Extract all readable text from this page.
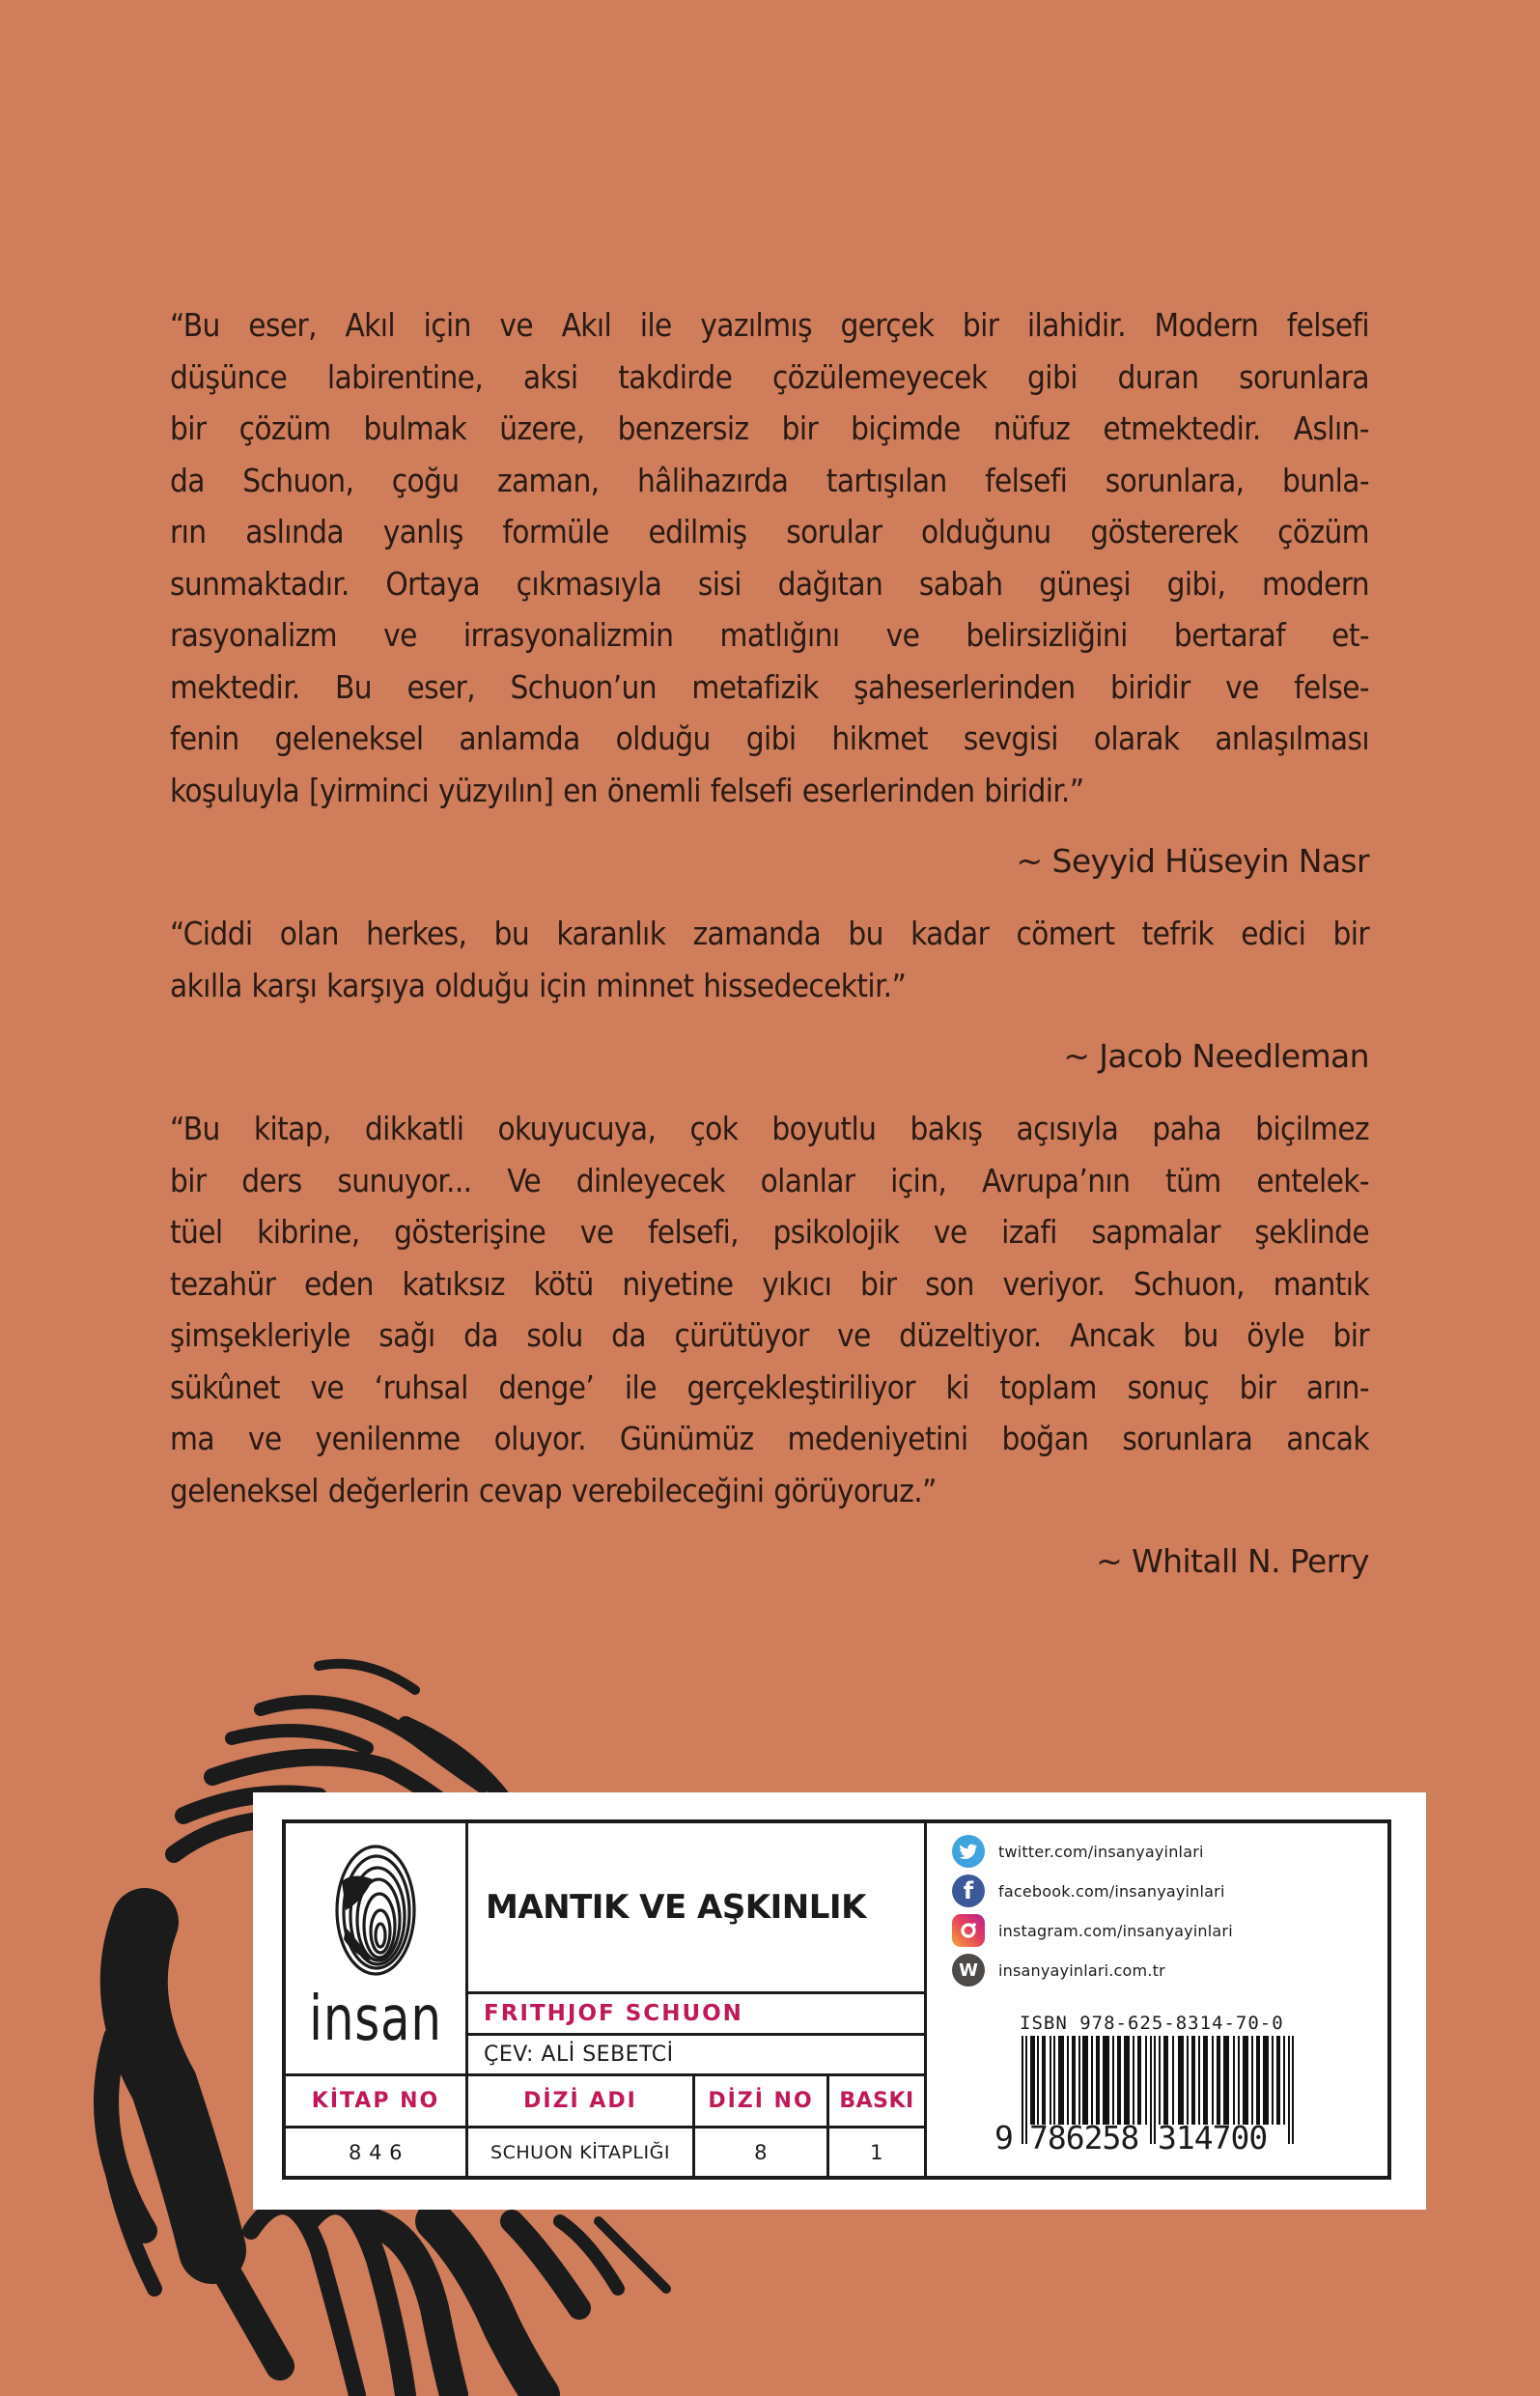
“Bu eser, Akıl için ve Akıl ile yazılmış gerçek bir ilahidir. Modern felsefi
düşünce labirentine, aksi takdirde çözülemeyecek gibi duran sorunlara
bir çözüm bulmak üzere, benzersiz bir biçimde nüfuz etmektedir. Aslın-
da Schuon, çoğu zaman, hâlihazırda tartışılan felsefi sorunlara, bunla-
rın aslında yanlış formüle edilmiş sorular olduğunu göstererek çözüm
sunmaktadır. Ortaya çıkmasıyla sisi dağıtan sabah güneşi gibi, modern
rasyonalizm ve irrasyonalizmin matlığını ve belirsizliğini bertaraf et-
mektedir. Bu eser, Schuon’un metafizik şaheserlerinden biridir ve felse-
fenin geleneksel anlamda olduğu gibi hikmet sevgisi olarak anlaşılması
koşuluyla [yirminci yüzyılın] en önemli felsefi eserlerinden biridir.”

~ Seyyid Hüseyin Nasr

“Ciddi olan herkes, bu karanlık zamanda bu kadar cömert tefrik edici bir
akılla karşı karşıya olduğu için minnet hissedecektir.”

~ Jacob Needleman

“Bu kitap, dikkatli okuyucuya, çok boyutlu bakış açısıyla paha biçilmez
bir ders sunuyor... Ve dinleyecek olanlar için, Avrupa’nın tüm entelek-
tüel kibrine, gösterişine ve felsefi, psikolojik ve izafi sapmalar şeklinde
tezahür eden katıksız kötü niyetine yıkıcı bir son veriyor. Schuon, mantık
şimşekleriyle sağı da solu da çürütüyor ve düzeltiyor. Ancak bu öyle bir
sükûnet ve ‘ruhsal denge’ ile gerçekleştiriliyor ki toplam sonuç bir arın-
ma ve yenilenme oluyor. Günümüz medeniyetini boğan sorunlara ancak
geleneksel değerlerin cevap verebileceğini görüyoruz.”

~ Whitall N. Perry
insan
MANTIK VE AŞKINLIK
FRITHJOF SCHUON
ÇEV: ALİ SEBETCİ
KİTAP NO	DİZİ ADI	DİZİ NO	BASKI
8 4 6	SCHUON KİTAPLIĞI	8	1
twitter.com/insanyayinlari
f	facebook.com/insanyayinlari
instagram.com/insanyayinlari
W	insanyayinlari.com.tr
ISBN 978-625-8314-70-0
9 786258 314700
